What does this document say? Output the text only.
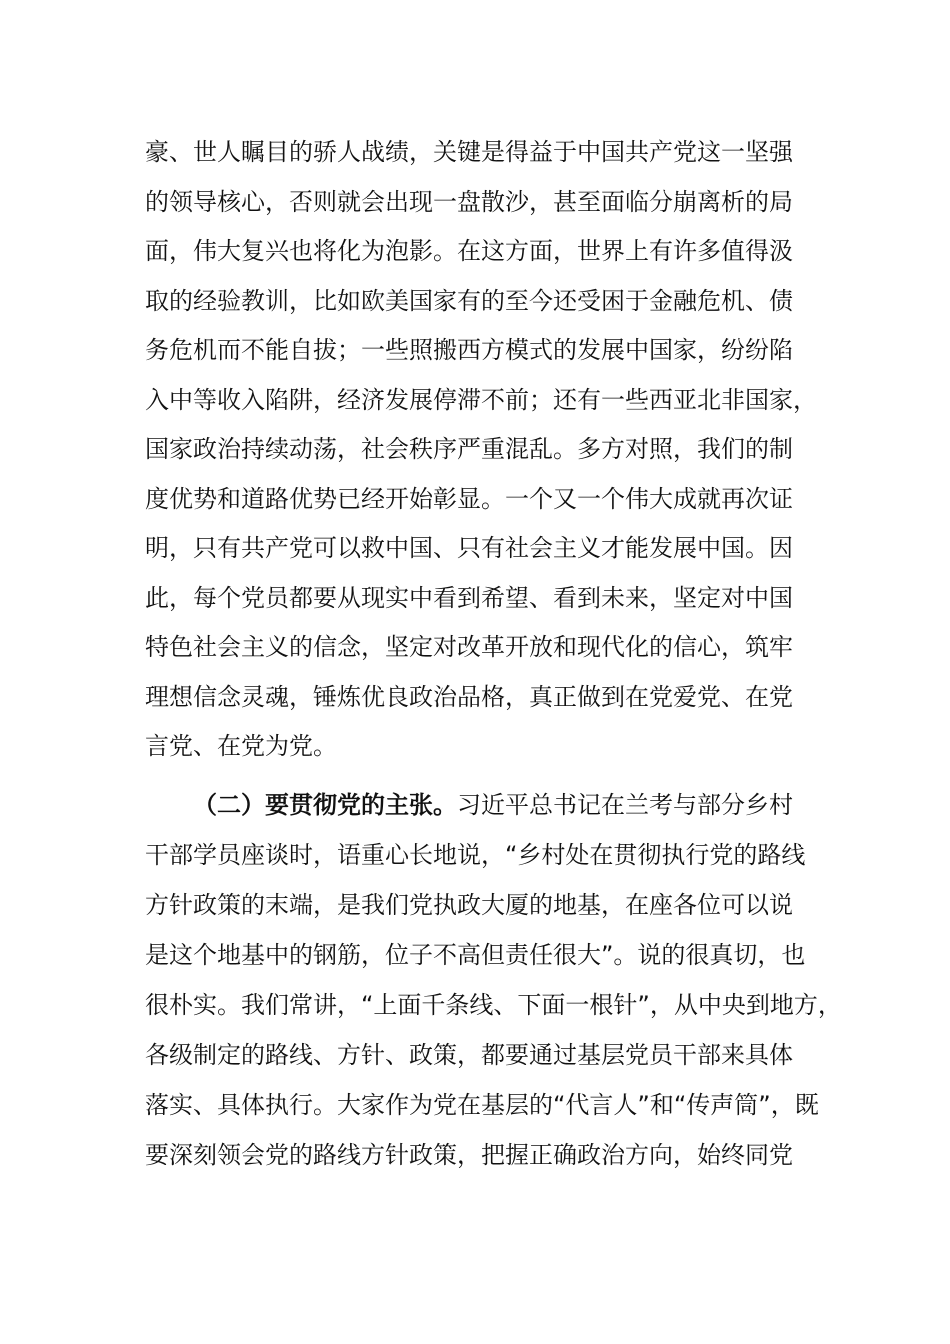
豪、世人瞩目的骄人战绩，关键是得益于中国共产党这一坚强
的领导核心，否则就会出现一盘散沙，甚至面临分崩离析的局
面，伟大复兴也将化为泡影。在这方面，世界上有许多值得汲
取的经验教训，比如欧美国家有的至今还受困于金融危机、债
务危机而不能自拔；一些照搬西方模式的发展中国家，纷纷陷
入中等收入陷阱，经济发展停滞不前；还有一些西亚北非国家，
国家政治持续动荡，社会秩序严重混乱。多方对照，我们的制
度优势和道路优势已经开始彰显。一个又一个伟大成就再次证
明，只有共产党可以救中国、只有社会主义才能发展中国。因
此，每个党员都要从现实中看到希望、看到未来，坚定对中国
特色社会主义的信念，坚定对改革开放和现代化的信心，筑牢
理想信念灵魂，锤炼优良政治品格，真正做到在党爱党、在党
言党、在党为党。
（二）要贯彻党的主张。习近平总书记在兰考与部分乡村
干部学员座谈时，语重心长地说，“乡村处在贯彻执行党的路线
方针政策的末端，是我们党执政大厦的地基，在座各位可以说
是这个地基中的钢筋，位子不高但责任很大”。说的很真切，也
很朴实。我们常讲，“上面千条线、下面一根针”，从中央到地方，
各级制定的路线、方针、政策，都要通过基层党员干部来具体
落实、具体执行。大家作为党在基层的“代言人”和“传声筒”，既
要深刻领会党的路线方针政策，把握正确政治方向，始终同党
